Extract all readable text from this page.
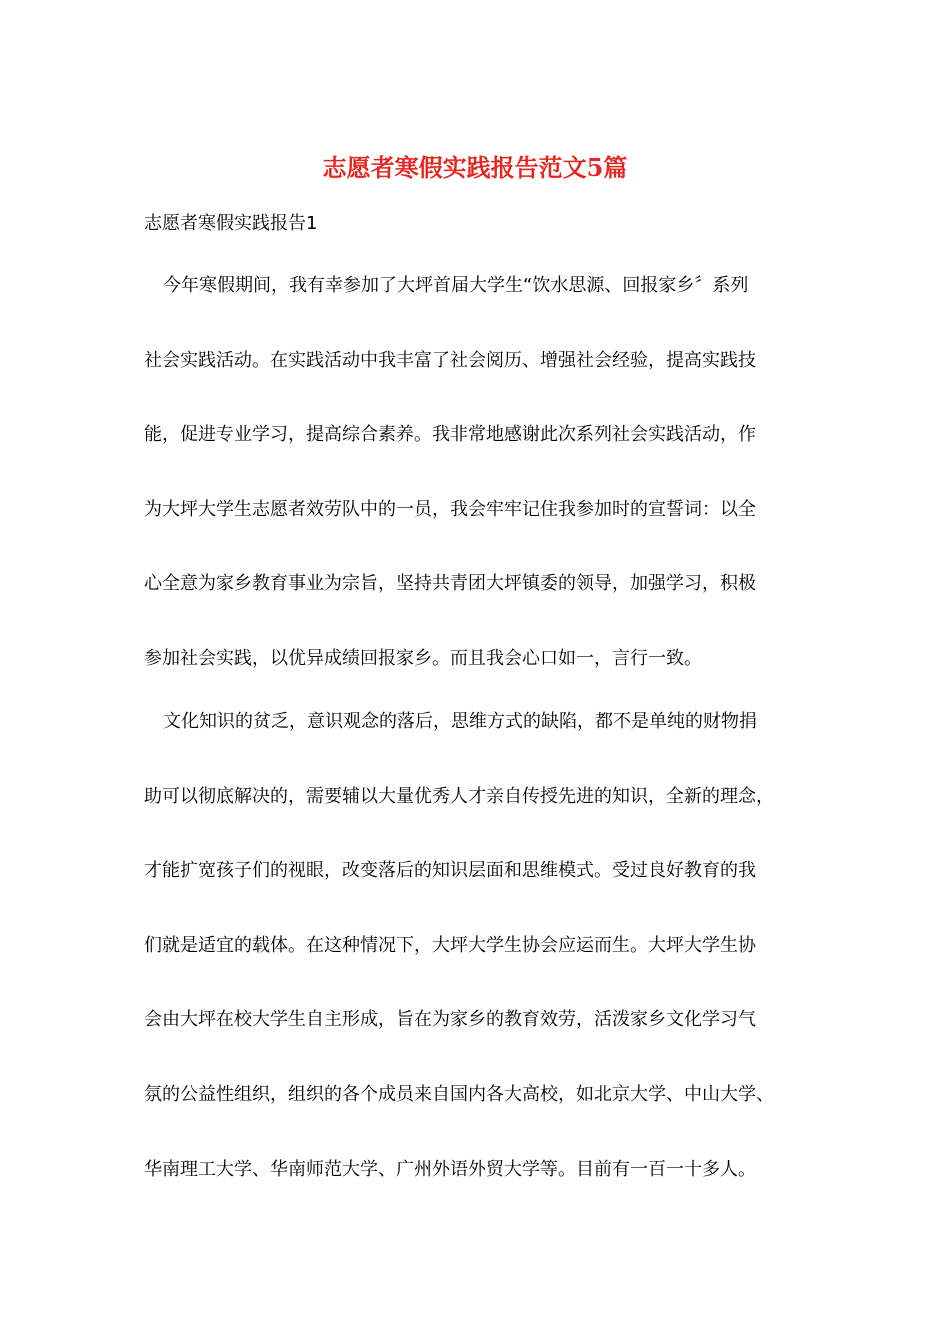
志愿者寒假实践报告范文5篇

志愿者寒假实践报告1

今年寒假期间，我有幸参加了大坪首届大学生“饮水思源、回报家乡〞系列
社会实践活动。在实践活动中我丰富了社会阅历、增强社会经验，提高实践技
能，促进专业学习，提高综合素养。我非常地感谢此次系列社会实践活动，作
为大坪大学生志愿者效劳队中的一员，我会牢牢记住我参加时的宣誓词：以全
心全意为家乡教育事业为宗旨，坚持共青团大坪镇委的领导，加强学习，积极
参加社会实践，以优异成绩回报家乡。而且我会心口如一，言行一致。
文化知识的贫乏，意识观念的落后，思维方式的缺陷，都不是单纯的财物捐
助可以彻底解决的，需要辅以大量优秀人才亲自传授先进的知识，全新的理念，
才能扩宽孩子们的视眼，改变落后的知识层面和思维模式。受过良好教育的我
们就是适宜的载体。在这种情况下，大坪大学生协会应运而生。大坪大学生协
会由大坪在校大学生自主形成，旨在为家乡的教育效劳，活泼家乡文化学习气
氛的公益性组织，组织的各个成员来自国内各大高校，如北京大学、中山大学、
华南理工大学、华南师范大学、广州外语外贸大学等。目前有一百一十多人。
